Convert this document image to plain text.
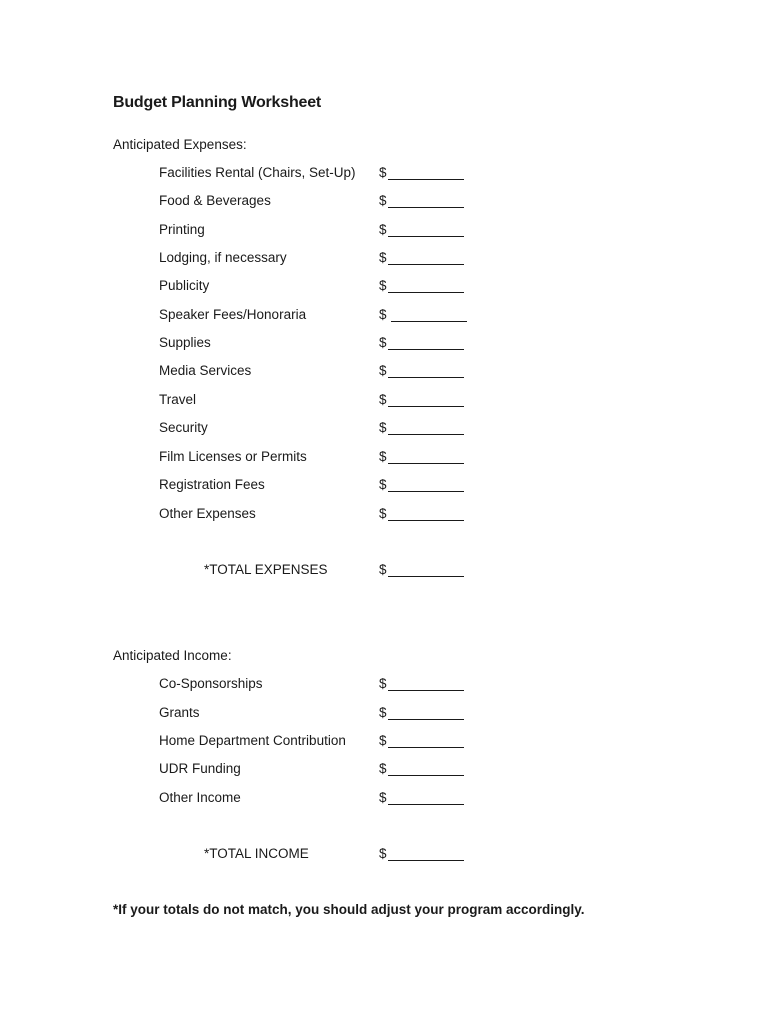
Budget Planning Worksheet
Anticipated Expenses:
Facilities Rental (Chairs, Set-Up) $
Food & Beverages	$
Printing	$
Lodging, if necessary	$
Publicity	$
Speaker Fees/Honoraria	$
Supplies	$
Media Services	$
Travel	$
Security	$
Film Licenses or Permits	$
Registration Fees	$
Other Expenses	$
*TOTAL EXPENSES	$
Anticipated Income:
Co-Sponsorships	$
Grants	$
Home Department Contribution $
UDR Funding	$
Other Income	$
*TOTAL INCOME	$
*If your totals do not match, you should adjust your program accordingly.
